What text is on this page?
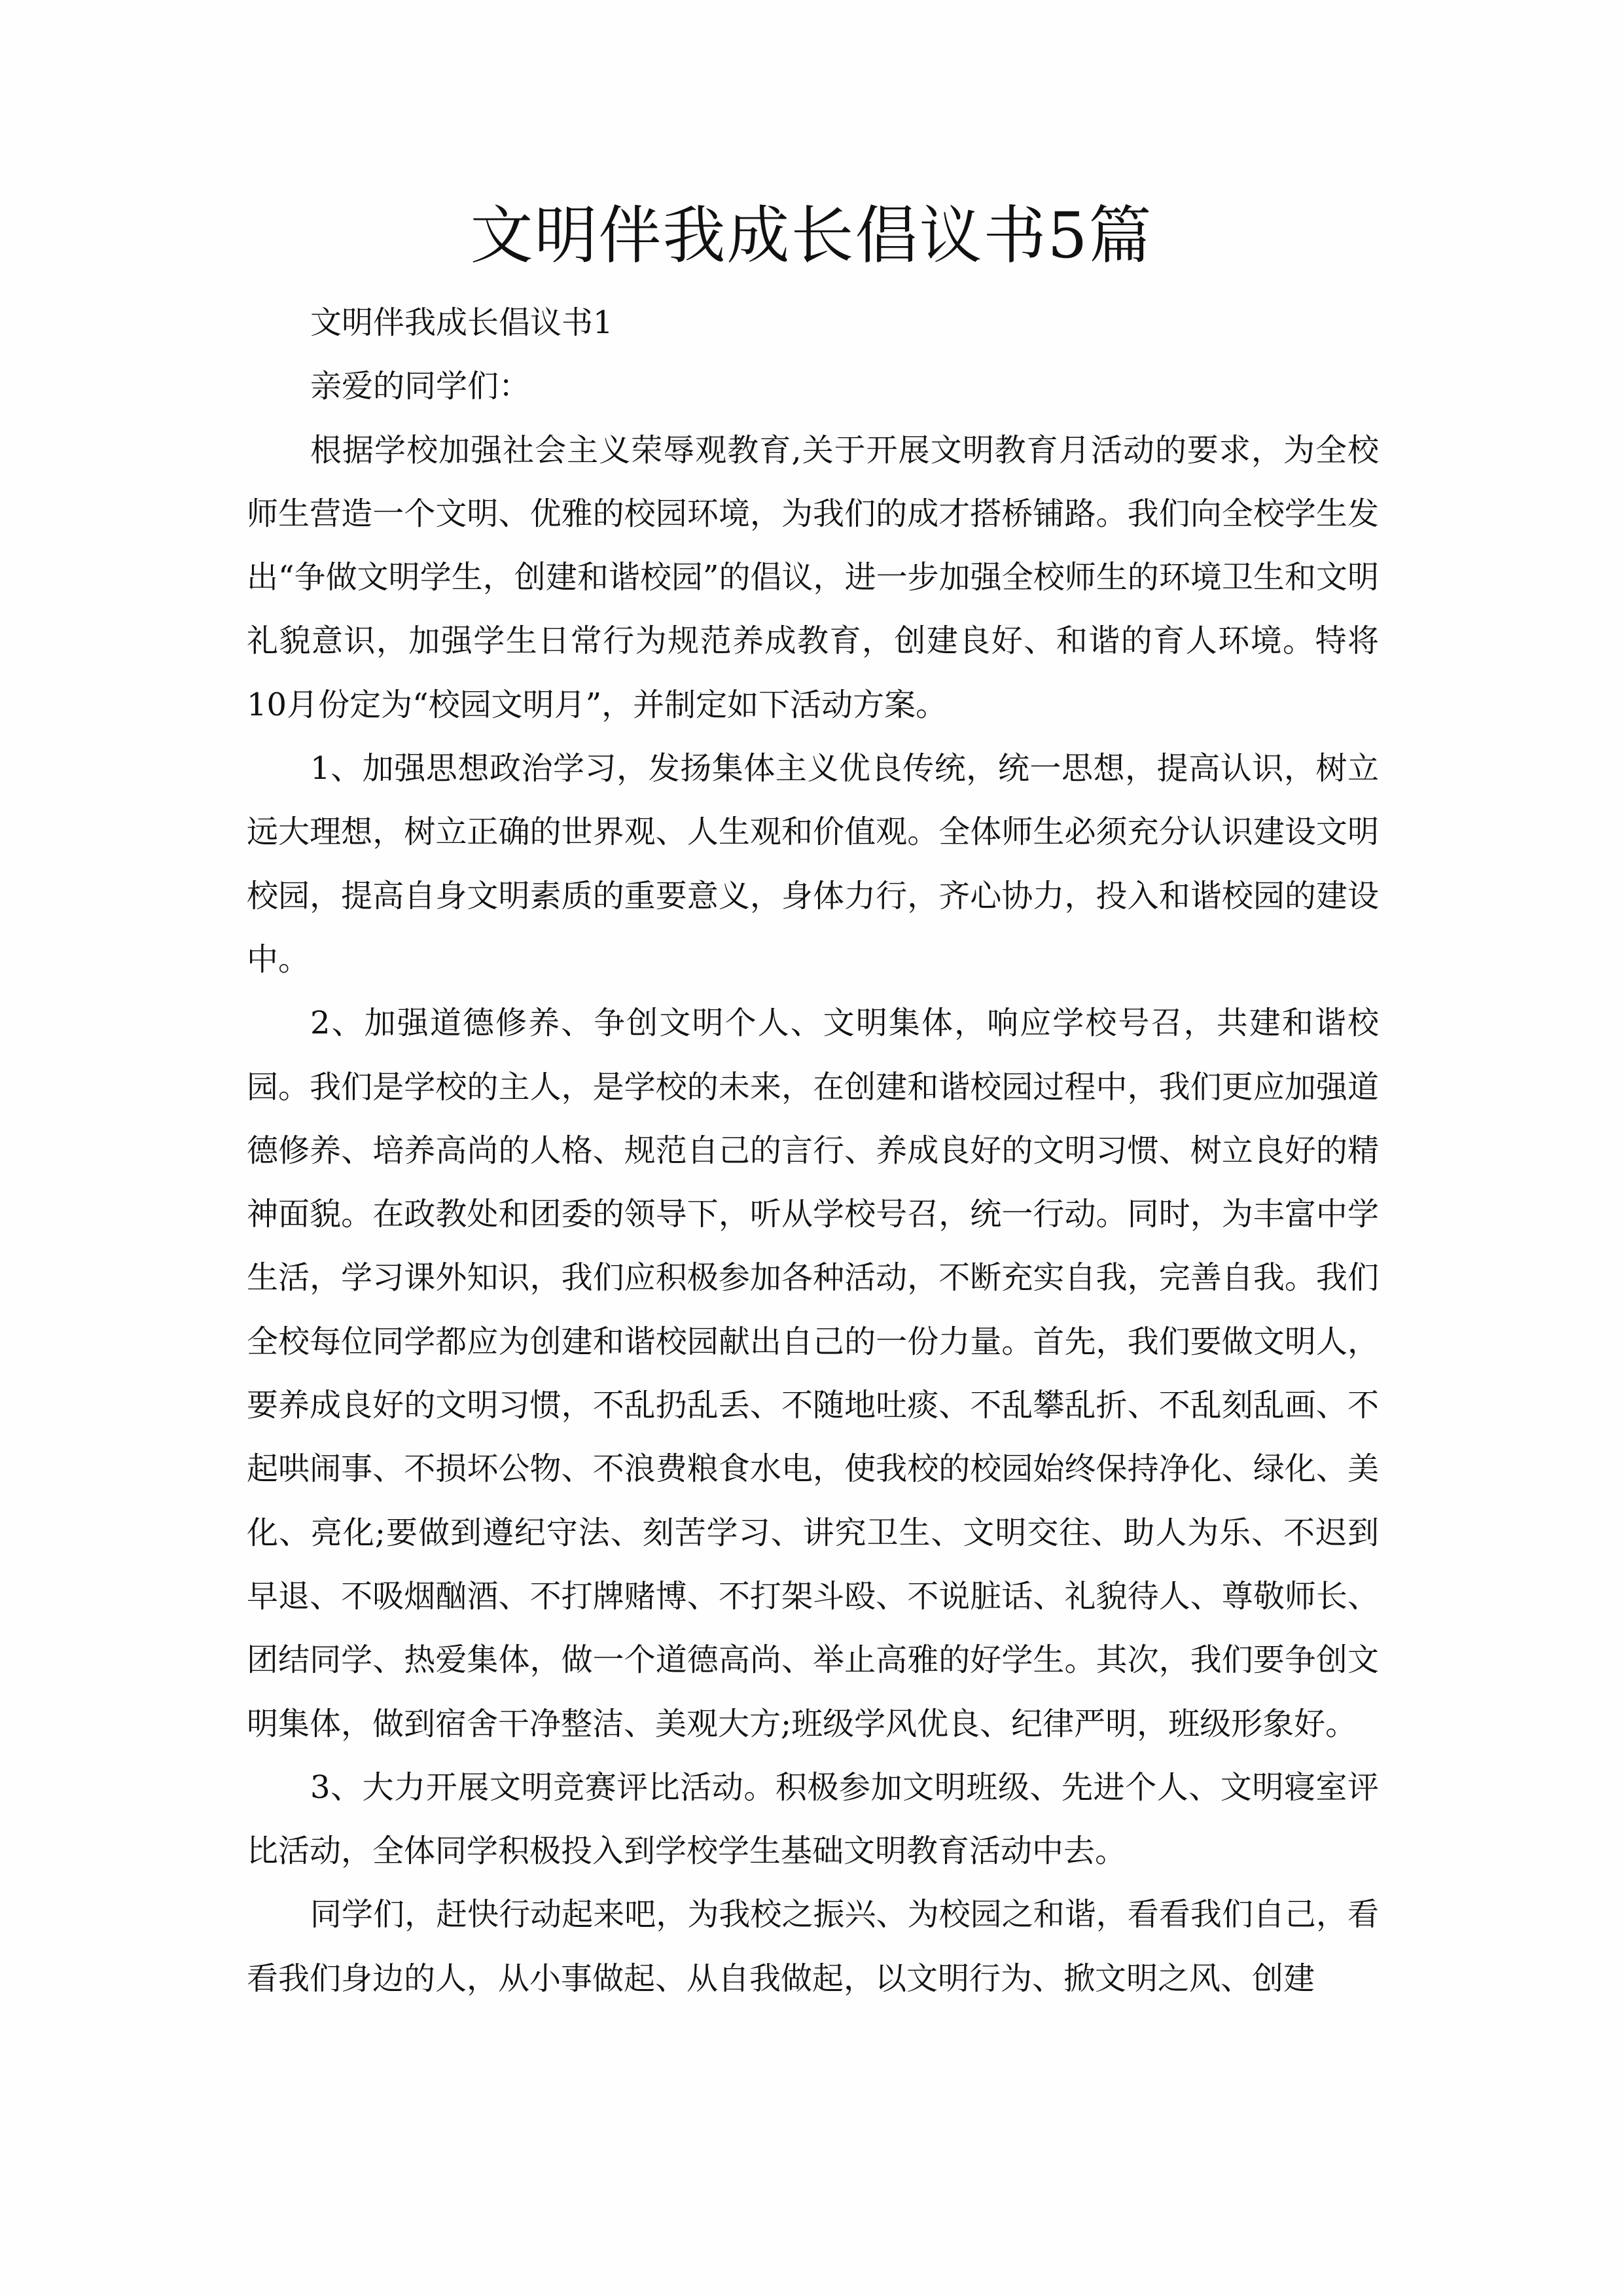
文明伴我成长倡议书5篇

文明伴我成长倡议书1

亲爱的同学们：

根据学校加强社会主义荣辱观教育,关于开展文明教育月活动的要求，为全校师生营造一个文明、优雅的校园环境，为我们的成才搭桥铺路。我们向全校学生发出“争做文明学生，创建和谐校园”的倡议，进一步加强全校师生的环境卫生和文明礼貌意识，加强学生日常行为规范养成教育，创建良好、和谐的育人环境。特将10月份定为“校园文明月”，并制定如下活动方案。

1、加强思想政治学习，发扬集体主义优良传统，统一思想，提高认识，树立远大理想，树立正确的世界观、人生观和价值观。全体师生必须充分认识建设文明校园，提高自身文明素质的重要意义，身体力行，齐心协力，投入和谐校园的建设中。

2、加强道德修养、争创文明个人、文明集体，响应学校号召，共建和谐校园。我们是学校的主人，是学校的未来，在创建和谐校园过程中，我们更应加强道德修养、培养高尚的人格、规范自己的言行、养成良好的文明习惯、树立良好的精神面貌。在政教处和团委的领导下，听从学校号召，统一行动。同时，为丰富中学生活，学习课外知识，我们应积极参加各种活动，不断充实自我，完善自我。我们全校每位同学都应为创建和谐校园献出自己的一份力量。首先，我们要做文明人，要养成良好的文明习惯，不乱扔乱丢、不随地吐痰、不乱攀乱折、不乱刻乱画、不起哄闹事、不损坏公物、不浪费粮食水电，使我校的校园始终保持净化、绿化、美化、亮化;要做到遵纪守法、刻苦学习、讲究卫生、文明交往、助人为乐、不迟到早退、不吸烟酗酒、不打牌赌博、不打架斗殴、不说脏话、礼貌待人、尊敬师长、团结同学、热爱集体，做一个道德高尚、举止高雅的好学生。其次，我们要争创文明集体，做到宿舍干净整洁、美观大方;班级学风优良、纪律严明，班级形象好。

3、大力开展文明竞赛评比活动。积极参加文明班级、先进个人、文明寝室评比活动，全体同学积极投入到学校学生基础文明教育活动中去。

同学们，赶快行动起来吧，为我校之振兴、为校园之和谐，看看我们自己，看看我们身边的人，从小事做起、从自我做起，以文明行为、掀文明之风、创建
